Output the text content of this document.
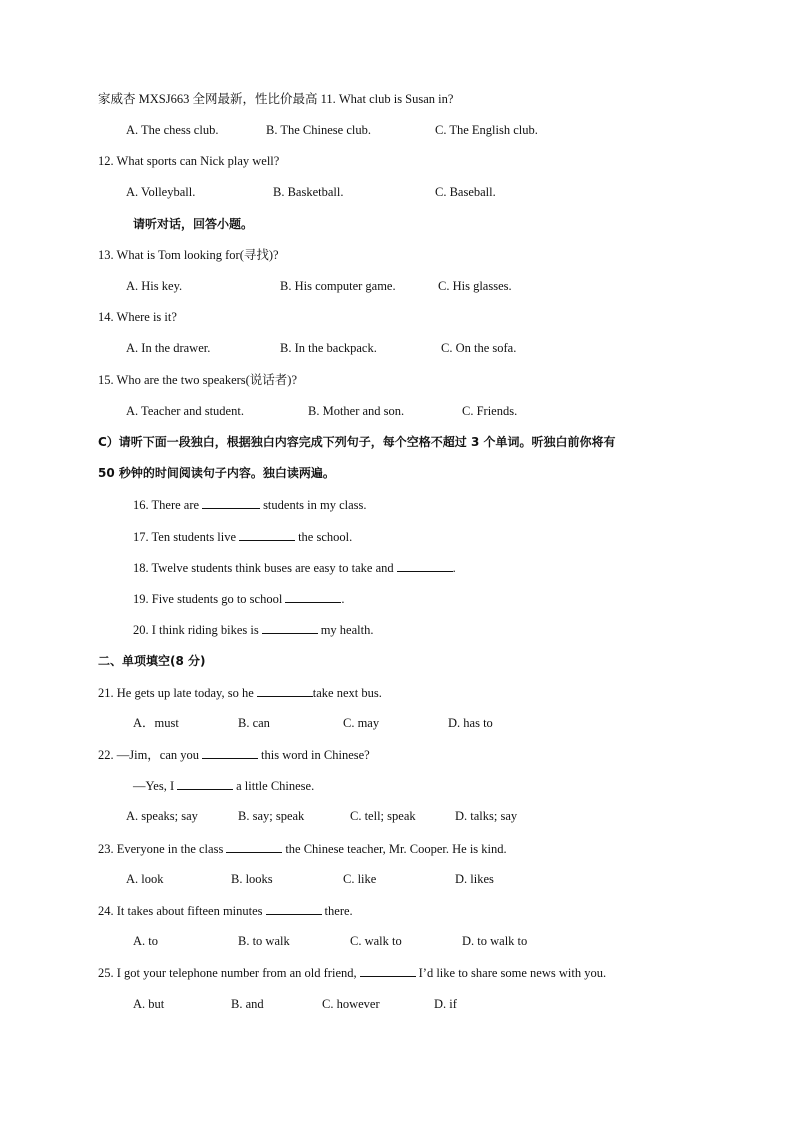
家威杏 MXSJ663 全网最新，性比价最高 11. What club is Susan in?
A. The chess club.	B. The Chinese club.	C. The English club.
12. What sports can Nick play well?
A. Volleyball.	B. Basketball.	C. Baseball.
请听对话，回答小题。
13. What is Tom looking for(寻找)?
A. His key.	B. His computer game.	C. His glasses.
14. Where is it?
A. In the drawer.	B. In the backpack.	C. On the sofa.
15. Who are the two speakers(说话者)?
A. Teacher and student.	B. Mother and son.	C. Friends.
C）请听下面一段独白，根据独白内容完成下列句子，每个空格不超过 3 个单词。听独白前你将有
50 秒钟的时间阅读句子内容。独白读两遍。
16. There are	students in my class.
17. Ten students live	the school.
18. Twelve students think buses are easy to take and	.
19. Five students go to school	.
20. I think riding bikes is	my health.
二、单项填空(8 分)
21. He gets up late today, so he	take next bus.
A．must	B. can	C. may	D. has to
22. —Jim，can you	this word in Chinese?
—Yes, I	a little Chinese.
A. speaks; say	B. say; speak	C. tell; speak	D. talks; say
23. Everyone in the class	the Chinese teacher, Mr. Cooper. He is kind.
A. look	B. looks	C. like	D. likes
24. It takes about fifteen minutes	there.
A. to	B. to walk	C. walk to	D. to walk to
25. I got your telephone number from an old friend,	I’d like to share some news with you.
A. but	B. and	C. however	D. if
